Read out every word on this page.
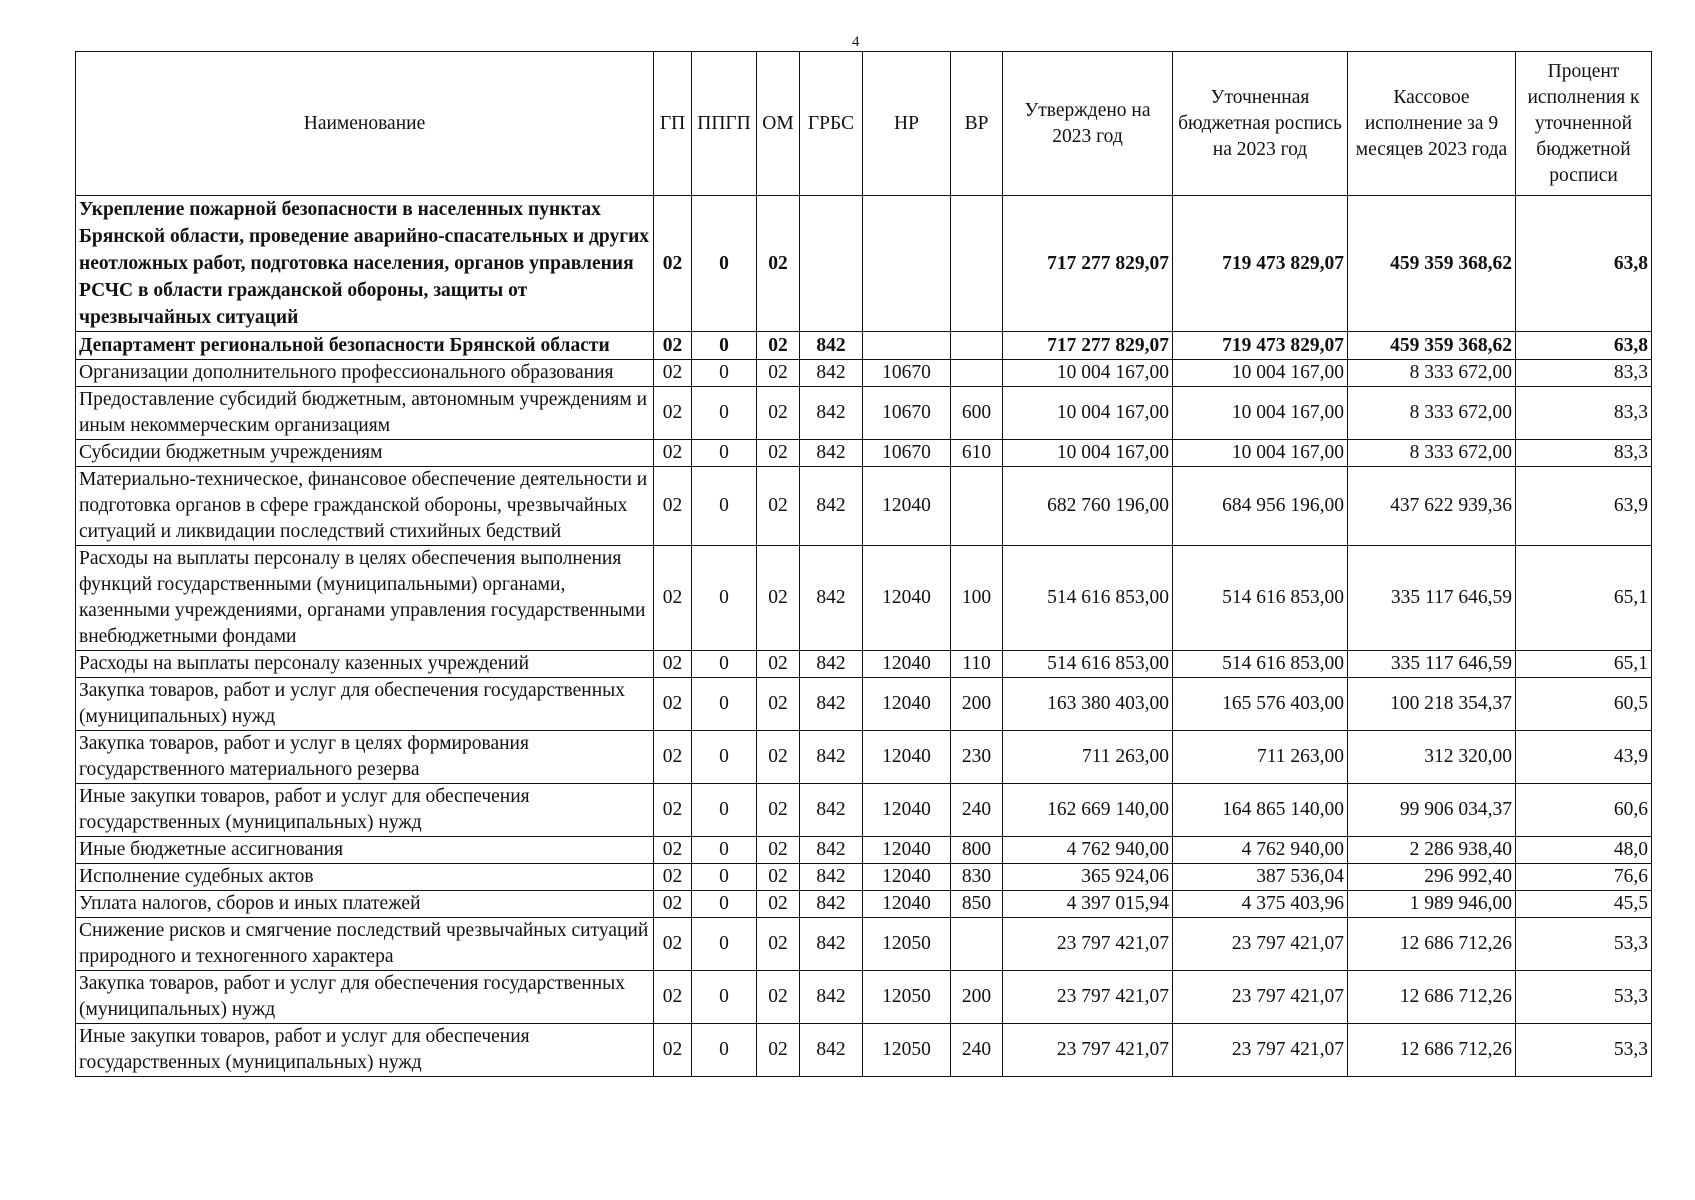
4
Наименование	ГП	ППГП	ОМ	ГРБС	НР	ВР	Утверждено на 2023 год	Уточненная бюджетная роспись на 2023 год	Кассовое исполнение за 9 месяцев 2023 года	Процент исполнения к уточненной бюджетной росписи
Укрепление пожарной безопасности в населенных пунктах Брянской области, проведение аварийно-спасательных и других неотложных работ, подготовка населения, органов управления РСЧС в области гражданской обороны, защиты от чрезвычайных ситуаций	02	0	02				717 277 829,07	719 473 829,07	459 359 368,62	63,8
Департамент региональной безопасности Брянской области	02	0	02	842			717 277 829,07	719 473 829,07	459 359 368,62	63,8
Организации дополнительного профессионального образования	02	0	02	842	10670		10 004 167,00	10 004 167,00	8 333 672,00	83,3
Предоставление субсидий бюджетным, автономным учреждениям и иным некоммерческим организациям	02	0	02	842	10670	600	10 004 167,00	10 004 167,00	8 333 672,00	83,3
Субсидии бюджетным учреждениям	02	0	02	842	10670	610	10 004 167,00	10 004 167,00	8 333 672,00	83,3
Материально-техническое, финансовое обеспечение деятельности и подготовка органов в сфере гражданской обороны, чрезвычайных ситуаций и ликвидации последствий стихийных бедствий	02	0	02	842	12040		682 760 196,00	684 956 196,00	437 622 939,36	63,9
Расходы на выплаты персоналу в целях обеспечения выполнения функций государственными (муниципальными) органами, казенными учреждениями, органами управления государственными внебюджетными фондами	02	0	02	842	12040	100	514 616 853,00	514 616 853,00	335 117 646,59	65,1
Расходы на выплаты персоналу казенных учреждений	02	0	02	842	12040	110	514 616 853,00	514 616 853,00	335 117 646,59	65,1
Закупка товаров, работ и услуг для обеспечения государственных (муниципальных) нужд	02	0	02	842	12040	200	163 380 403,00	165 576 403,00	100 218 354,37	60,5
Закупка товаров, работ и услуг в целях формирования государственного материального резерва	02	0	02	842	12040	230	711 263,00	711 263,00	312 320,00	43,9
Иные закупки товаров, работ и услуг для обеспечения государственных (муниципальных) нужд	02	0	02	842	12040	240	162 669 140,00	164 865 140,00	99 906 034,37	60,6
Иные бюджетные ассигнования	02	0	02	842	12040	800	4 762 940,00	4 762 940,00	2 286 938,40	48,0
Исполнение судебных актов	02	0	02	842	12040	830	365 924,06	387 536,04	296 992,40	76,6
Уплата налогов, сборов и иных платежей	02	0	02	842	12040	850	4 397 015,94	4 375 403,96	1 989 946,00	45,5
Снижение рисков и смягчение последствий чрезвычайных ситуаций природного и техногенного характера	02	0	02	842	12050		23 797 421,07	23 797 421,07	12 686 712,26	53,3
Закупка товаров, работ и услуг для обеспечения государственных (муниципальных) нужд	02	0	02	842	12050	200	23 797 421,07	23 797 421,07	12 686 712,26	53,3
Иные закупки товаров, работ и услуг для обеспечения государственных (муниципальных) нужд	02	0	02	842	12050	240	23 797 421,07	23 797 421,07	12 686 712,26	53,3
